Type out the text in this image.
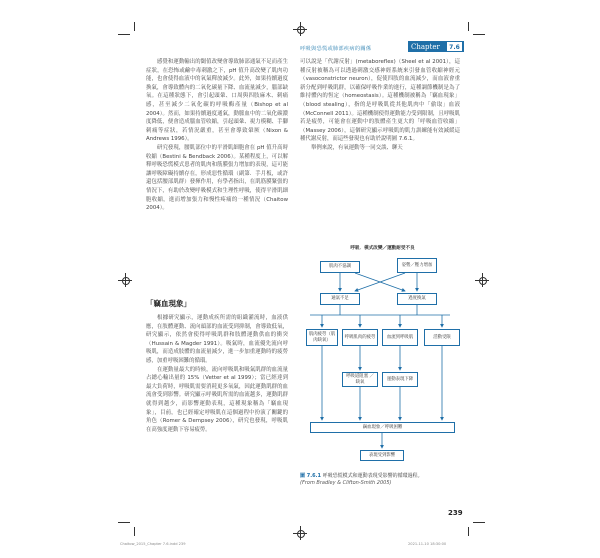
呼吸與恐慌或肺部疾病的關係	Chapter	7.6

感覺和運動輸出的閾值改變會導致肺部通氣不足而產生症狀，在恐怖或鹼中毒刺激之下，pH 值升高改變了肌肉功能，也會使得血液中的氧氣釋放減少。此外，如果持續過度換氣，會導致體內的二氧化碳量下降、血流量減少，腦部缺氧。在這種狀態下，會引起頭暈、口周與四肢麻木、刺痛感，甚至減少二氧化碳的呼吸酶產量（Bishop et al 2004）。然而，如果持續過度通氣，動脈血中的二氧化碳濃度降低，便會造成腦血管收縮，引起頭暈、視力模糊、手腳刺痛等症狀，若情況嚴重，甚至會導致暈厥（Nixon & Andrews 1996）。

研究發現，腰肌部位中的平滑肌細胞會在 pH 值升高時收縮（Bestini & Bendback 2006）。某種程度上，可以解釋呼吸恐慌模式患者的肌肉和筋膜張力增加的表現，這可能讓呼吸障礙持續存在，形成惡性循環（副第．手月板，或許還包括腰部肌群）發揮作用，有學者指出，在肌筋膜緊張的情況下，有助於改變呼吸模式和生理性呼吸，使得平滑肌細胞收縮，進而增加張力和慢性疼痛的一種情況（Chaitow 2004）。

「竊血現象」

根據研究顯示，運動成疾所需的組織灌流時，血液供應，在肢體運動、流向頭部的血流受到抑制，會導致低氧，研究顯示，依然會使得呼吸肌群和肢體運動供血的衝突（Hussain & Magder 1991）。吸氣時，血流優先流向呼吸肌，而造成肢體的血流量減少，進一步加重運動時的疲勞感，加重呼吸困難的循環。

在運動量最大的時候，流向呼吸肌和吸氣肌群的血流量占總心輸出量的 15%（Vetter et al 1999）；當已經達到最大負荷時，呼吸肌需要消耗更多氧氣，因此運動肌群的血流會受到影響。研究顯示呼吸肌所需的血流越多，運動肌群就得到越少，而影響運動表現，這種現象稱為「竊血現象」，目前，也已經確定呼吸肌在這個過程中扮演了關鍵的角色（Romer & Dempsey 2006），研究也發現，呼吸肌在高強度運動下容易疲勞。

可以說是「代謝反射」(metaboreflex)（Sheel et al 2001），這種反射被稱為可以透過刺激交感神經系統來引發血管收縮神經元（vasoconstrictor neuron），促使四肢的血流減少，而血液會重新分配到呼吸肌群，以確保呼吸作業的進行，這種調節機制是為了維持體內的恆定（homeostasis）。這種機制被稱為「竊血現象」（blood stealing），指的是呼吸肌從其他肌肉中「偷取」血液（McConnell 2011）。這種機制使得運動能力受到限制，且呼吸肌若是疲勞，可能會在運動中的肢體產生更大的「呼吸血管收縮」（Massey 2006），這個研究顯示呼吸肌的肌力訓練能有效減緩這種代謝反射，而這些發現也有助於說明圖 7.6.1。

舉例來說，有氧運動等一同交談、聊天

呼吸．模式改變／運動耐受不良
肌肉不協調	姿勢／壓力增加
通氣不足	過度換氣
肌肉疲勞（肌肉缺氧）
呼吸肌肉的疲勞	血流到呼吸肌	活動受限
呼吸道阻塞 ／ 缺氧
運動表現下降
竊血現象／呼吸困難
表現受到影響
圖 7.6.1 呼吸恐慌模式和運動表現受影響的循環過程。
(From Bradley & Clifton-Smith 2005)
239
Chaitow_2015_Chapter 7.6.indd 239	2021-11-10 18:30:00
